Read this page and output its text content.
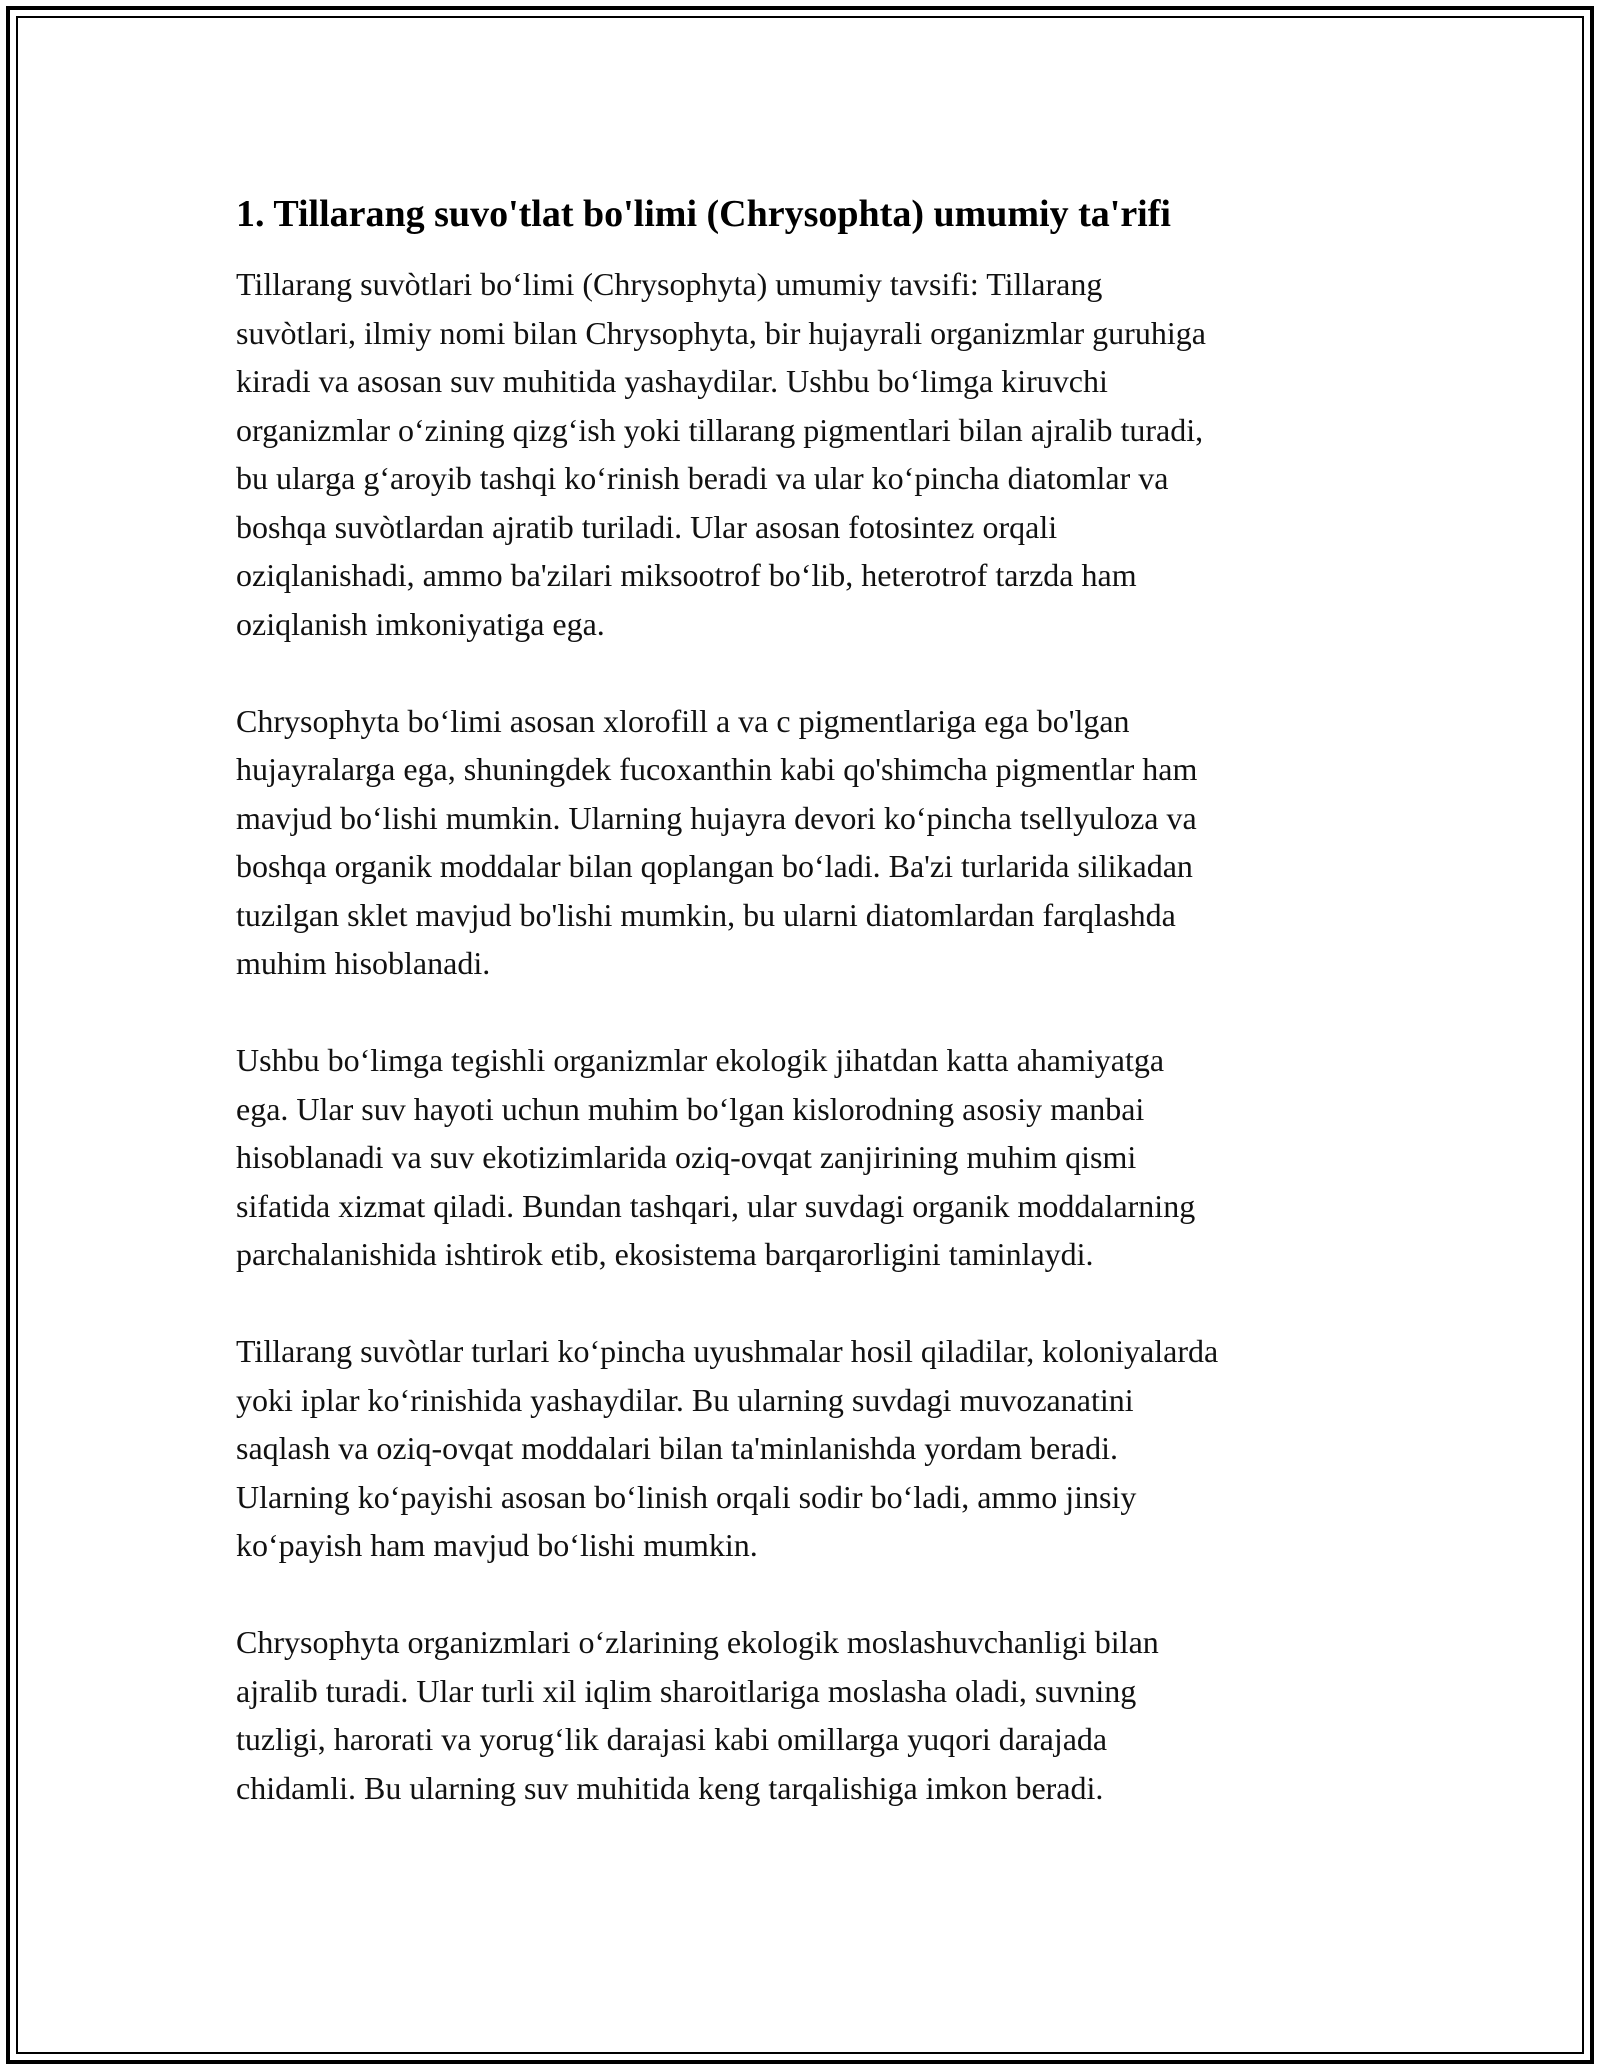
1. Tillarang suvo'tlat bo'limi (Chrysophta) umumiy ta'rifi
Tillarang suvòtlari bo‘limi (Chrysophyta) umumiy tavsifi: Tillarang
suvòtlari, ilmiy nomi bilan Chrysophyta, bir hujayrali organizmlar guruhiga
kiradi va asosan suv muhitida yashaydilar. Ushbu bo‘limga kiruvchi
organizmlar o‘zining qizg‘ish yoki tillarang pigmentlari bilan ajralib turadi,
bu ularga g‘aroyib tashqi ko‘rinish beradi va ular ko‘pincha diatomlar va
boshqa suvòtlardan ajratib turiladi. Ular asosan fotosintez orqali
oziqlanishadi, ammo ba'zilari miksootrof bo‘lib, heterotrof tarzda ham
oziqlanish imkoniyatiga ega.
Chrysophyta bo‘limi asosan xlorofill a va c pigmentlariga ega bo'lgan
hujayralarga ega, shuningdek fucoxanthin kabi qo'shimcha pigmentlar ham
mavjud bo‘lishi mumkin. Ularning hujayra devori ko‘pincha tsellyuloza va
boshqa organik moddalar bilan qoplangan bo‘ladi. Ba'zi turlarida silikadan
tuzilgan sklet mavjud bo'lishi mumkin, bu ularni diatomlardan farqlashda
muhim hisoblanadi.
Ushbu bo‘limga tegishli organizmlar ekologik jihatdan katta ahamiyatga
ega. Ular suv hayoti uchun muhim bo‘lgan kislorodning asosiy manbai
hisoblanadi va suv ekotizimlarida oziq-ovqat zanjirining muhim qismi
sifatida xizmat qiladi. Bundan tashqari, ular suvdagi organik moddalarning
parchalanishida ishtirok etib, ekosistema barqarorligini taminlaydi.
Tillarang suvòtlar turlari ko‘pincha uyushmalar hosil qiladilar, koloniyalarda
yoki iplar ko‘rinishida yashaydilar. Bu ularning suvdagi muvozanatini
saqlash va oziq-ovqat moddalari bilan ta'minlanishda yordam beradi.
Ularning ko‘payishi asosan bo‘linish orqali sodir bo‘ladi, ammo jinsiy
ko‘payish ham mavjud bo‘lishi mumkin.
Chrysophyta organizmlari o‘zlarining ekologik moslashuvchanligi bilan
ajralib turadi. Ular turli xil iqlim sharoitlariga moslasha oladi, suvning
tuzligi, harorati va yorug‘lik darajasi kabi omillarga yuqori darajada
chidamli. Bu ularning suv muhitida keng tarqalishiga imkon beradi.
